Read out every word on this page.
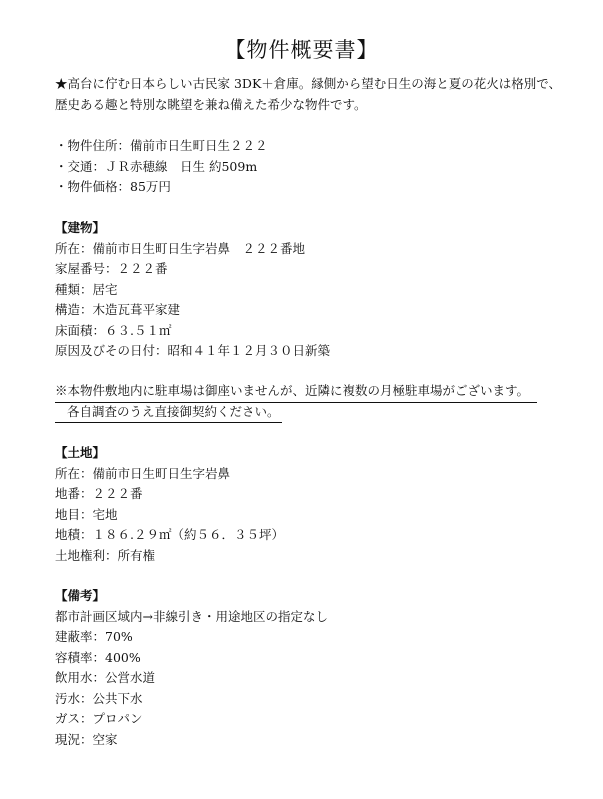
【物件概要書】
★高台に佇む日本らしい古民家 3DK＋倉庫。縁側から望む日生の海と夏の花火は格別で、
歴史ある趣と特別な眺望を兼ね備えた希少な物件です。
・物件住所：備前市日生町日生２２２
・交通：ＪＲ赤穂線　日生 約509m
・物件価格：85万円
【建物】
所在：備前市日生町日生字岩鼻　２２２番地
家屋番号：２２２番
種類：居宅
構造：木造瓦葺平家建
床面積：６３.５１㎡
原因及びその日付：昭和４１年１２月３０日新築
※本物件敷地内に駐車場は御座いませんが、近隣に複数の月極駐車場がございます。
各自調査のうえ直接御契約ください。
【土地】
所在：備前市日生町日生字岩鼻
地番：２２２番
地目：宅地
地積：１８６.２９㎡（約５６．３５坪）
土地権利：所有権
【備考】
都市計画区域内→非線引き・用途地区の指定なし
建蔽率：70%
容積率：400%
飲用水：公営水道
汚水：公共下水
ガス：プロパン
現況：空家
